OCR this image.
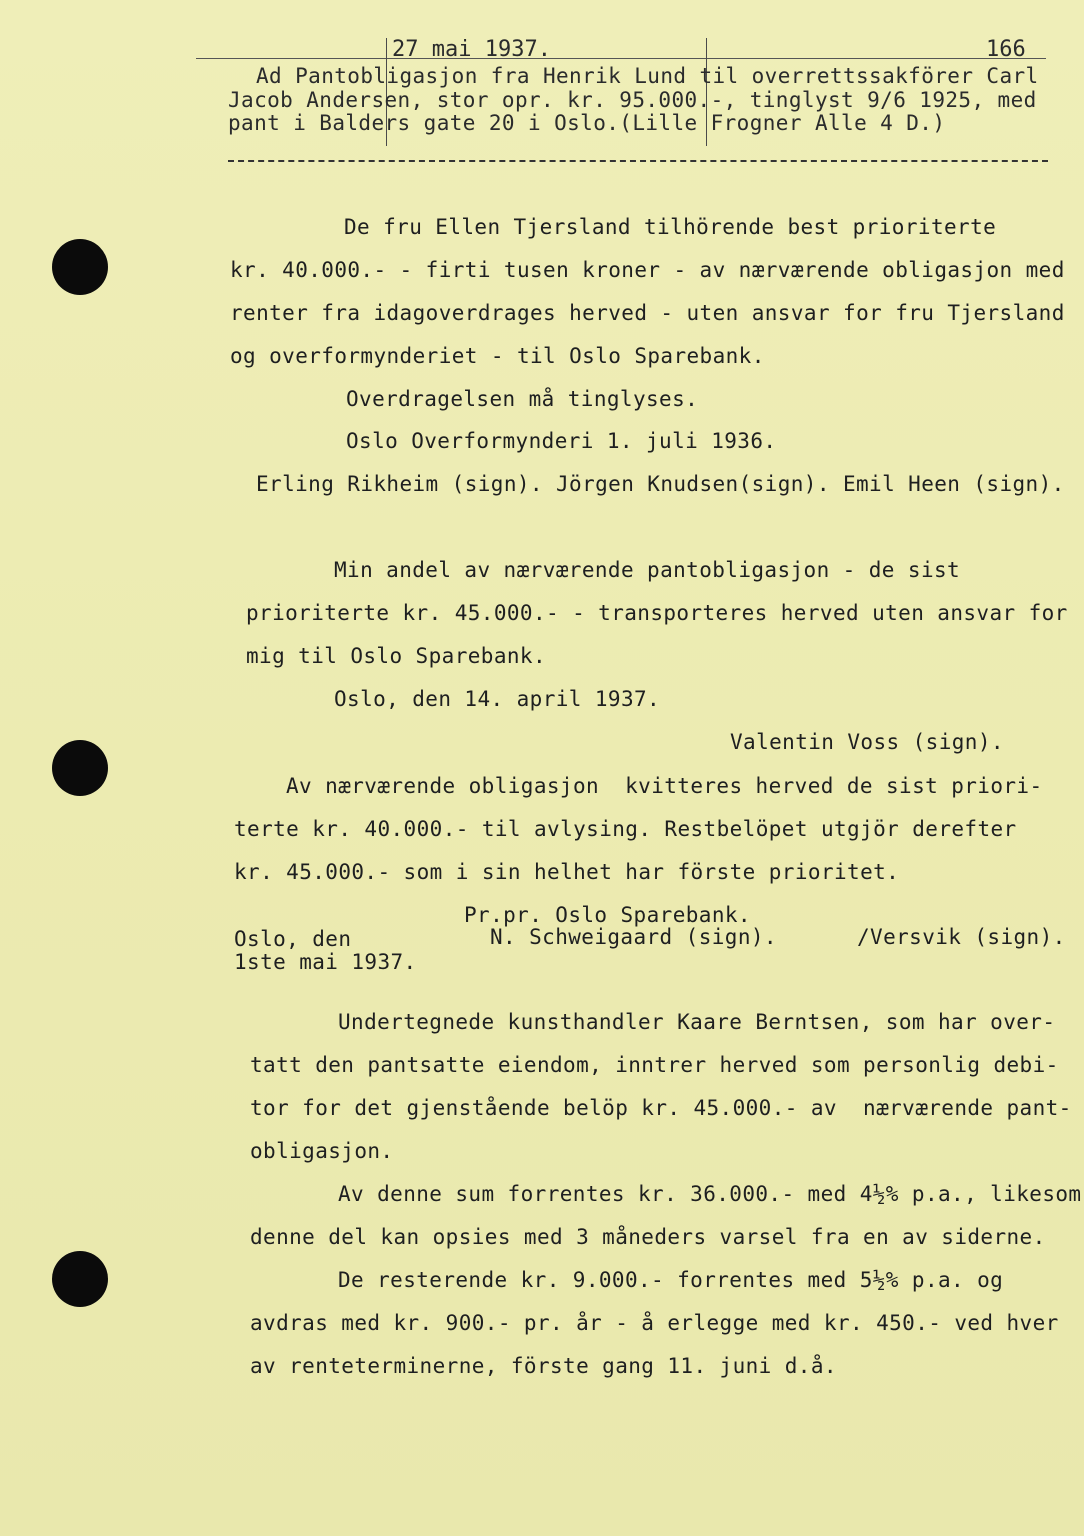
27 mai 1937.	166
Ad Pantobligasjon fra Henrik Lund til overrettssakförer Carl
Jacob Andersen, stor opr. kr. 95.000.-, tinglyst 9/6 1925, med
pant i Balders gate 20 i Oslo.(Lille Frogner Alle 4 D.)
De fru Ellen Tjersland tilhörende best prioriterte
kr. 40.000.- - firti tusen kroner - av nærværende obligasjon med
renter fra idagoverdrages herved - uten ansvar for fru Tjersland
og overformynderiet - til Oslo Sparebank.
Overdragelsen må tinglyses.
Oslo Overformynderi 1. juli 1936.
Erling Rikheim (sign). Jörgen Knudsen(sign). Emil Heen (sign).
Min andel av nærværende pantobligasjon - de sist
prioriterte kr. 45.000.- - transporteres herved uten ansvar for
mig til Oslo Sparebank.
Oslo, den 14. april 1937.
Valentin Voss (sign).
Av nærværende obligasjon  kvitteres herved de sist priori-
terte kr. 40.000.- til avlysing. Restbelöpet utgjör derefter
kr. 45.000.- som i sin helhet har förste prioritet.
Pr.pr. Oslo Sparebank.
Oslo, den	N. Schweigaard (sign).	/Versvik (sign).
1ste mai 1937.
Undertegnede kunsthandler Kaare Berntsen, som har over-
tatt den pantsatte eiendom, inntrer herved som personlig debi-
tor for det gjenstående belöp kr. 45.000.- av  nærværende pant-
obligasjon.
Av denne sum forrentes kr. 36.000.- med 4½% p.a., likesom
denne del kan opsies med 3 måneders varsel fra en av siderne.
De resterende kr. 9.000.- forrentes med 5½% p.a. og
avdras med kr. 900.- pr. år - å erlegge med kr. 450.- ved hver
av renteterminerne, förste gang 11. juni d.å.
